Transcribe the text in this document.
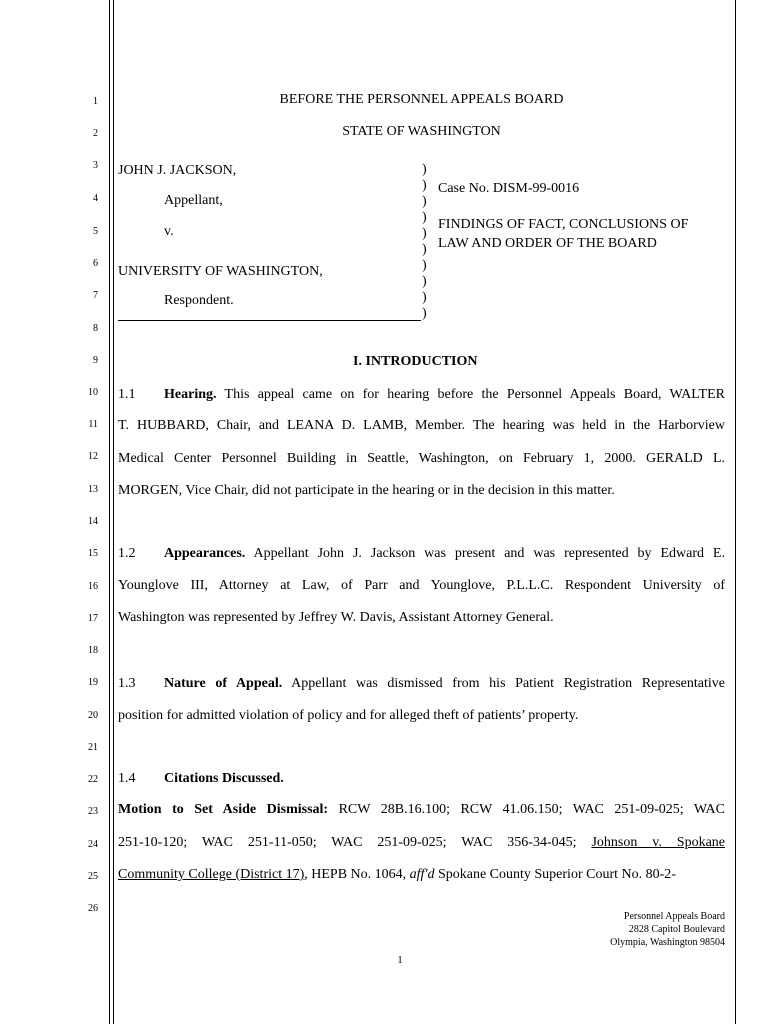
1
2
3
4
5
6
7
8
9
10
11
12
13
14
15
16
17
18
19
20
21
22
23
24
25
26
BEFORE THE PERSONNEL APPEALS BOARD
STATE OF WASHINGTON
JOHN J. JACKSON,
Appellant,
v.
UNIVERSITY OF WASHINGTON,
Respondent.
)
)
)
)
)
)
)
)
)
)
Case No. DISM-99-0016
FINDINGS OF FACT, CONCLUSIONS OF
LAW AND ORDER OF THE BOARD
I. INTRODUCTION
1.1 Hearing. This appeal came on for hearing before the Personnel Appeals Board, WALTER
T. HUBBARD, Chair, and LEANA D. LAMB, Member. The hearing was held in the Harborview
Medical Center Personnel Building in Seattle, Washington, on February 1, 2000. GERALD L.
MORGEN, Vice Chair, did not participate in the hearing or in the decision in this matter.
1.2 Appearances. Appellant John J. Jackson was present and was represented by Edward E.
Younglove III, Attorney at Law, of Parr and Younglove, P.L.L.C. Respondent University of
Washington was represented by Jeffrey W. Davis, Assistant Attorney General.
1.3 Nature of Appeal. Appellant was dismissed from his Patient Registration Representative
position for admitted violation of policy and for alleged theft of patients’ property.
1.4 Citations Discussed.
Motion to Set Aside Dismissal: RCW 28B.16.100; RCW 41.06.150; WAC 251-09-025; WAC
251-10-120; WAC 251-11-050; WAC 251-09-025; WAC 356-34-045; Johnson v. Spokane
Community College (District 17), HEPB No. 1064, aff'd Spokane County Superior Court No. 80-2-
Personnel Appeals Board
2828 Capitol Boulevard
Olympia, Washington 98504
1
